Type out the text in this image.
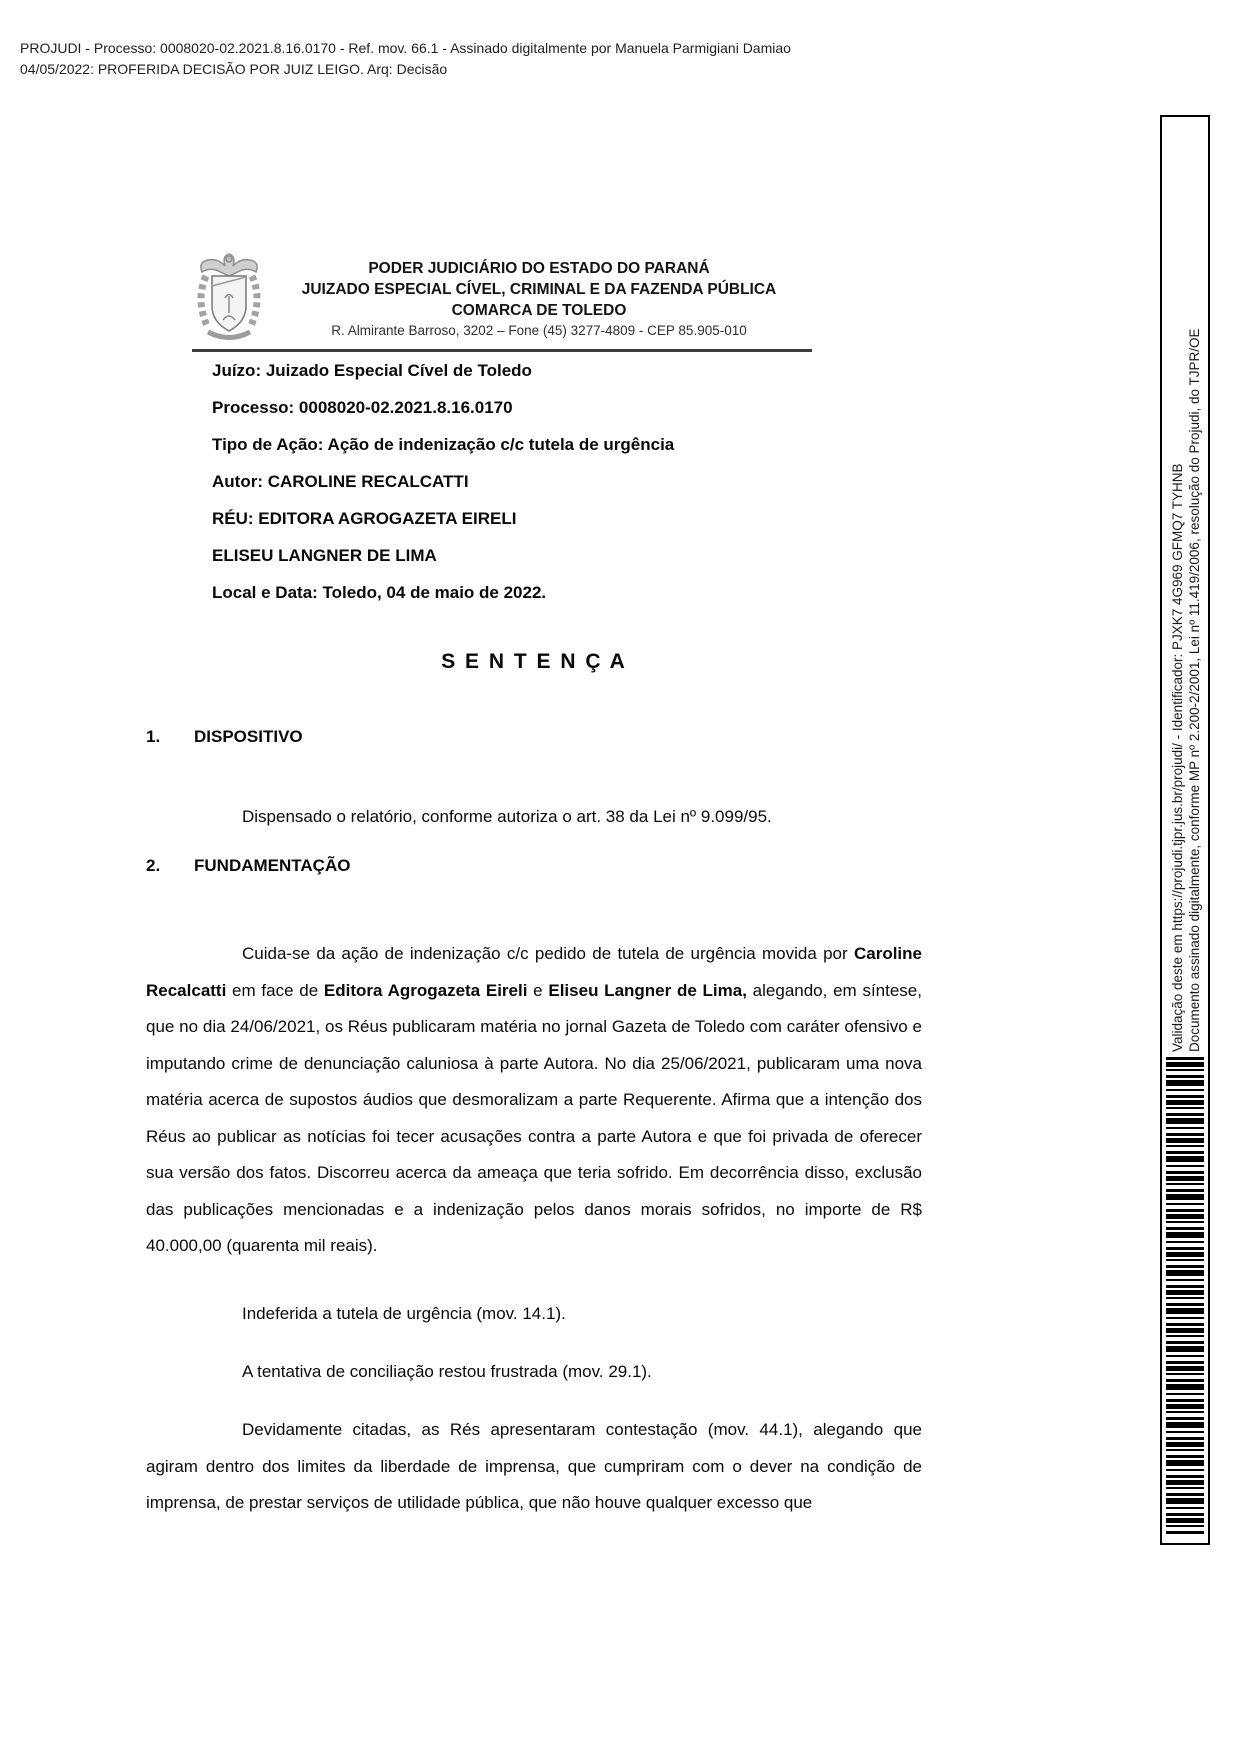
PROJUDI - Processo: 0008020-02.2021.8.16.0170 - Ref. mov. 66.1 - Assinado digitalmente por Manuela Parmigiani Damiao
04/05/2022: PROFERIDA DECISÃO POR JUIZ LEIGO. Arq: Decisão
PODER JUDICIÁRIO DO ESTADO DO PARANÁ
JUIZADO ESPECIAL CÍVEL, CRIMINAL E DA FAZENDA PÚBLICA
COMARCA DE TOLEDO
R. Almirante Barroso, 3202 – Fone (45) 3277-4809 - CEP 85.905-010
Juízo: Juizado Especial Cível de Toledo
Processo: 0008020-02.2021.8.16.0170
Tipo de Ação: Ação de indenização c/c tutela de urgência
Autor: CAROLINE RECALCATTI
RÉU: EDITORA AGROGAZETA EIRELI
ELISEU LANGNER DE LIMA
Local e Data: Toledo, 04 de maio de 2022.
S E N T E N Ç A
1. DISPOSITIVO

Dispensado o relatório, conforme autoriza o art. 38 da Lei nº 9.099/95.

2. FUNDAMENTAÇÃO

Cuida-se da ação de indenização c/c pedido de tutela de urgência movida por Caroline Recalcatti em face de Editora Agrogazeta Eireli e Eliseu Langner de Lima, alegando, em síntese, que no dia 24/06/2021, os Réus publicaram matéria no jornal Gazeta de Toledo com caráter ofensivo e imputando crime de denunciação caluniosa à parte Autora. No dia 25/06/2021, publicaram uma nova matéria acerca de supostos áudios que desmoralizam a parte Requerente. Afirma que a intenção dos Réus ao publicar as notícias foi tecer acusações contra a parte Autora e que foi privada de oferecer sua versão dos fatos. Discorreu acerca da ameaça que teria sofrido. Em decorrência disso, exclusão das publicações mencionadas e a indenização pelos danos morais sofridos, no importe de R$ 40.000,00 (quarenta mil reais).

Indeferida a tutela de urgência (mov. 14.1).

A tentativa de conciliação restou frustrada (mov. 29.1).

Devidamente citadas, as Rés apresentaram contestação (mov. 44.1), alegando que agiram dentro dos limites da liberdade de imprensa, que cumpriram com o dever na condição de imprensa, de prestar serviços de utilidade pública, que não houve qualquer excesso que

Validação deste em https://projudi.tjpr.jus.br/projudi/ - Identificador: PJXK7 4G969 GFMQ7 TYHNB Documento assinado digitalmente, conforme MP nº 2.200-2/2001, Lei nº 11.419/2006, resolução do Projudi, do TJPR/OE
